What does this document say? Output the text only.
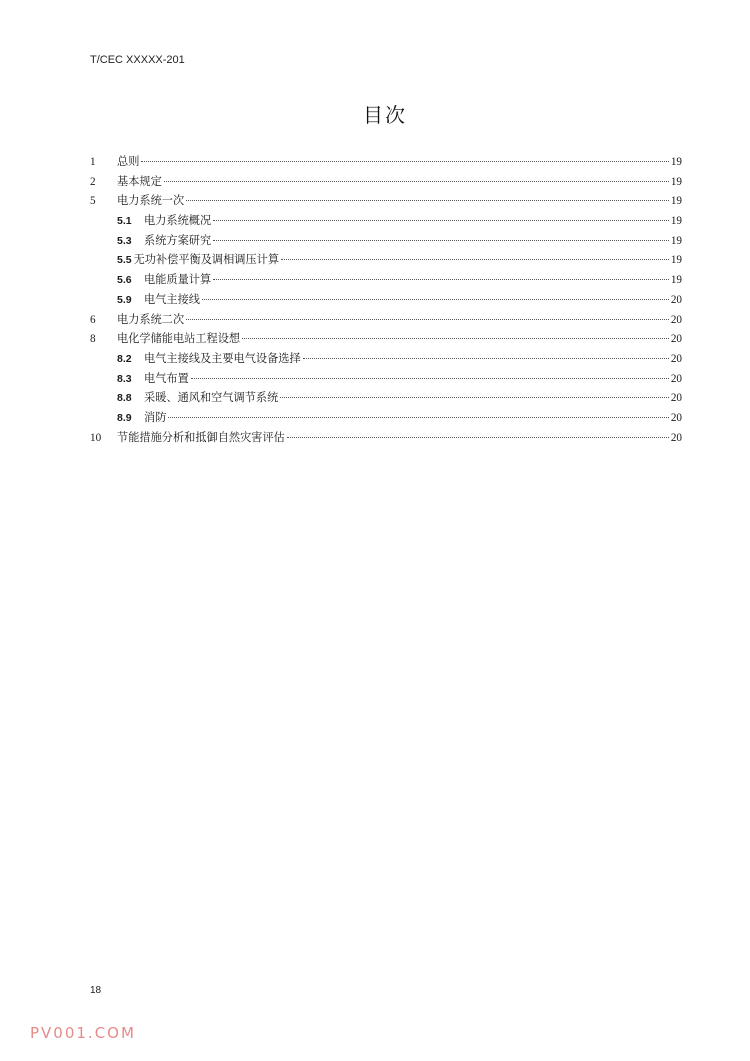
T/CEC XXXXX-201
目次
1	总则	19
2	基本规定	19
5	电力系统一次	19
5.1	电力系统概况	19
5.3	系统方案研究	19
5.5 无功补偿平衡及调相调压计算	19
5.6	电能质量计算	19
5.9	电气主接线	20
6	电力系统二次	20
8	电化学储能电站工程设想	20
8.2	电气主接线及主要电气设备选择	20
8.3	电气布置	20
8.8	采暖、通风和空气调节系统	20
8.9	消防	20
10	节能措施分析和抵御自然灾害评估	20
18
PV001.COM
